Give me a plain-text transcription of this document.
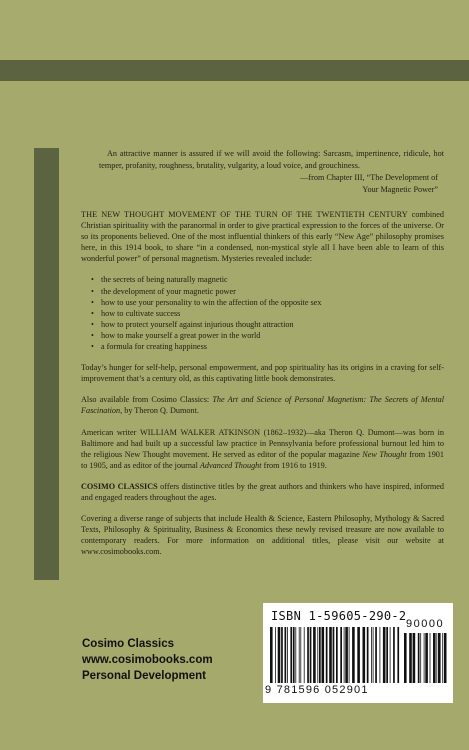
An attractive manner is assured if we will avoid the following: Sarcasm, impertinence, ridicule, hot temper, profanity, roughness, brutality, vulgarity, a loud voice, and grouchiness.
—from Chapter III, “The Development of
Your Magnetic Power”

THE NEW THOUGHT MOVEMENT OF THE TURN OF THE TWENTIETH CENTURY combined Christian spirituality with the paranormal in order to give practical expression to the forces of the universe. Or so its proponents believed. One of the most influential thinkers of this early “New Age” philosophy promises here, in this 1914 book, to share “in a condensed, non-mystical style all I have been able to learn of this wonderful power” of personal magnetism. Mysteries revealed include:

• the secrets of being naturally magnetic
• the development of your magnetic power
• how to use your personality to win the affection of the opposite sex
• how to cultivate success
• how to protect yourself against injurious thought attraction
• how to make yourself a great power in the world
• a formula for creating happiness

Today’s hunger for self-help, personal empowerment, and pop spirituality has its origins in a craving for self-improvement that’s a century old, as this captivating little book demonstrates.

Also available from Cosimo Classics: The Art and Science of Personal Magnetism: The Secrets of Mental Fascination, by Theron Q. Dumont.

American writer WILLIAM WALKER ATKINSON (1862–1932)—aka Theron Q. Dumont—was born in Baltimore and had built up a successful law practice in Pennsylvania before professional burnout led him to the religious New Thought movement. He served as editor of the popular magazine New Thought from 1901 to 1905, and as editor of the journal Advanced Thought from 1916 to 1919.

COSIMO CLASSICS offers distinctive titles by the great authors and thinkers who have inspired, informed and engaged readers throughout the ages.

Covering a diverse range of subjects that include Health & Science, Eastern Philosophy, Mythology & Sacred Texts, Philosophy & Spirituality, Business & Economics these newly revised treasure are now available to contemporary readers. For more information on additional titles, please visit our website at www.cosimobooks.com.

ISBN 1-59605-290-2
90000
9 781596 052901
Cosimo Classics
www.cosimobooks.com
Personal Development
